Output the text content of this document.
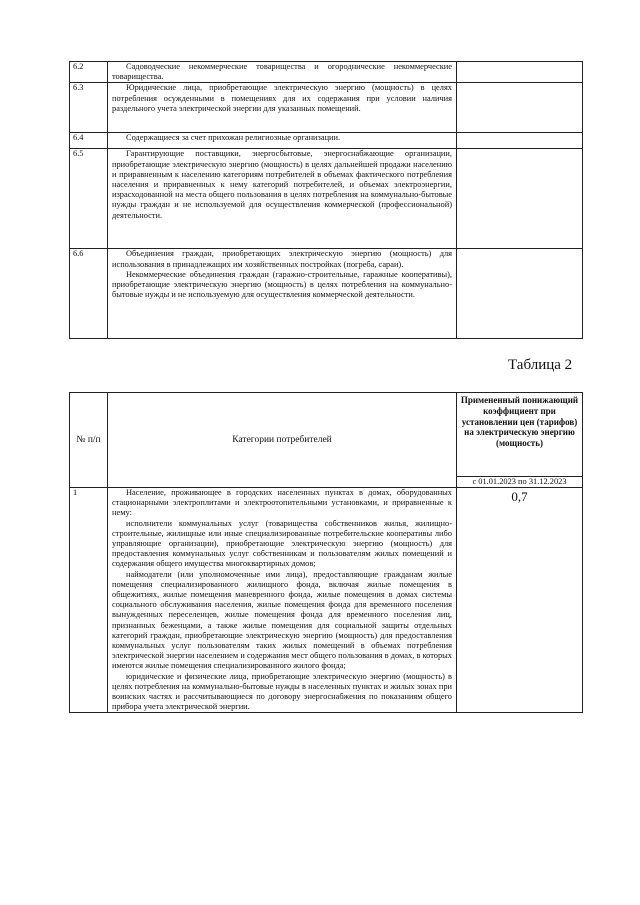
6.2	Садоводческие некоммерческие товарищества и огороднические некоммерческие товарищества.	

6.3	Юридические лица, приобретающие электрическую энергию (мощность) в целях потребления осужденными в помещениях для их содержания при условии наличия раздельного учета электрической энергии для указанных помещений.	

6.4	Содержащиеся за счет прихожан религиозные организации.	

6.5	Гарантирующие поставщики, энергосбытовые, энергоснабжающие организации, приобретающие электрическую энергию (мощность) в целях дальнейшей продажи населению и приравненным к населению категориям потребителей в объемах фактического потребления населения и приравненных к нему категорий потребителей, и объемах электроэнергии, израсходованной на места общего пользования в целях потребления на коммунально-бытовые нужды граждан и не используемой для осуществления коммерческой (профессиональной) деятельности.	

6.6	Объединения граждан, приобретающих электрическую энергию (мощность) для использования в принадлежащих им хозяйственных постройках (погреба, сараи).

Некоммерческие объединения граждан (гаражно-строительные, гаражные кооперативы), приобретающие электрическую энергию (мощность) в целях потребления на коммунально-бытовые нужды и не используемую для осуществления коммерческой деятельности.	

Таблица 2
№ п/п	Категории потребителей	Примененный понижающий коэффициент при установлении цен (тарифов) на электрическую энергию (мощность)
		с 01.01.2023 по 31.12.2023
1	Население, проживающее в городских населенных пунктах в домах, оборудованных стационарными электроплитами и электроотопительными установками, и приравненные к нему:

исполнители коммунальных услуг (товарищества собственников жилья, жилищно-строительные, жилищные или иные специализированные потребительские кооперативы либо управляющие организации), приобретающие электрическую энергию (мощность) для предоставления коммунальных услуг собственникам и пользователям жилых помещений и содержания общего имущества многоквартирных домов;

наймодатели (или уполномоченные ими лица), предоставляющие гражданам жилые помещения специализированного жилищного фонда, включая жилые помещения в общежитиях, жилые помещения маневренного фонда, жилые помещения в домах системы социального обслуживания населения, жилые помещения фонда для временного поселения вынужденных переселенцев, жилые помещения фонда для временного поселения лиц, признанных беженцами, а также жилые помещения для социальной защиты отдельных категорий граждан, приобретающие электрическую энергию (мощность) для предоставления коммунальных услуг пользователям таких жилых помещений в объемах потребления электрической энергии населением и содержания мест общего пользования в домах, в которых имеются жилые помещения специализированного жилого фонда;

юридические и физические лица, приобретающие электрическую энергию (мощность) в целях потребления на коммунально-бытовые нужды в населенных пунктах и жилых зонах при воинских частях и рассчитывающиеся по договору энергоснабжения по показаниям общего прибора учета электрической энергии.	0,7
